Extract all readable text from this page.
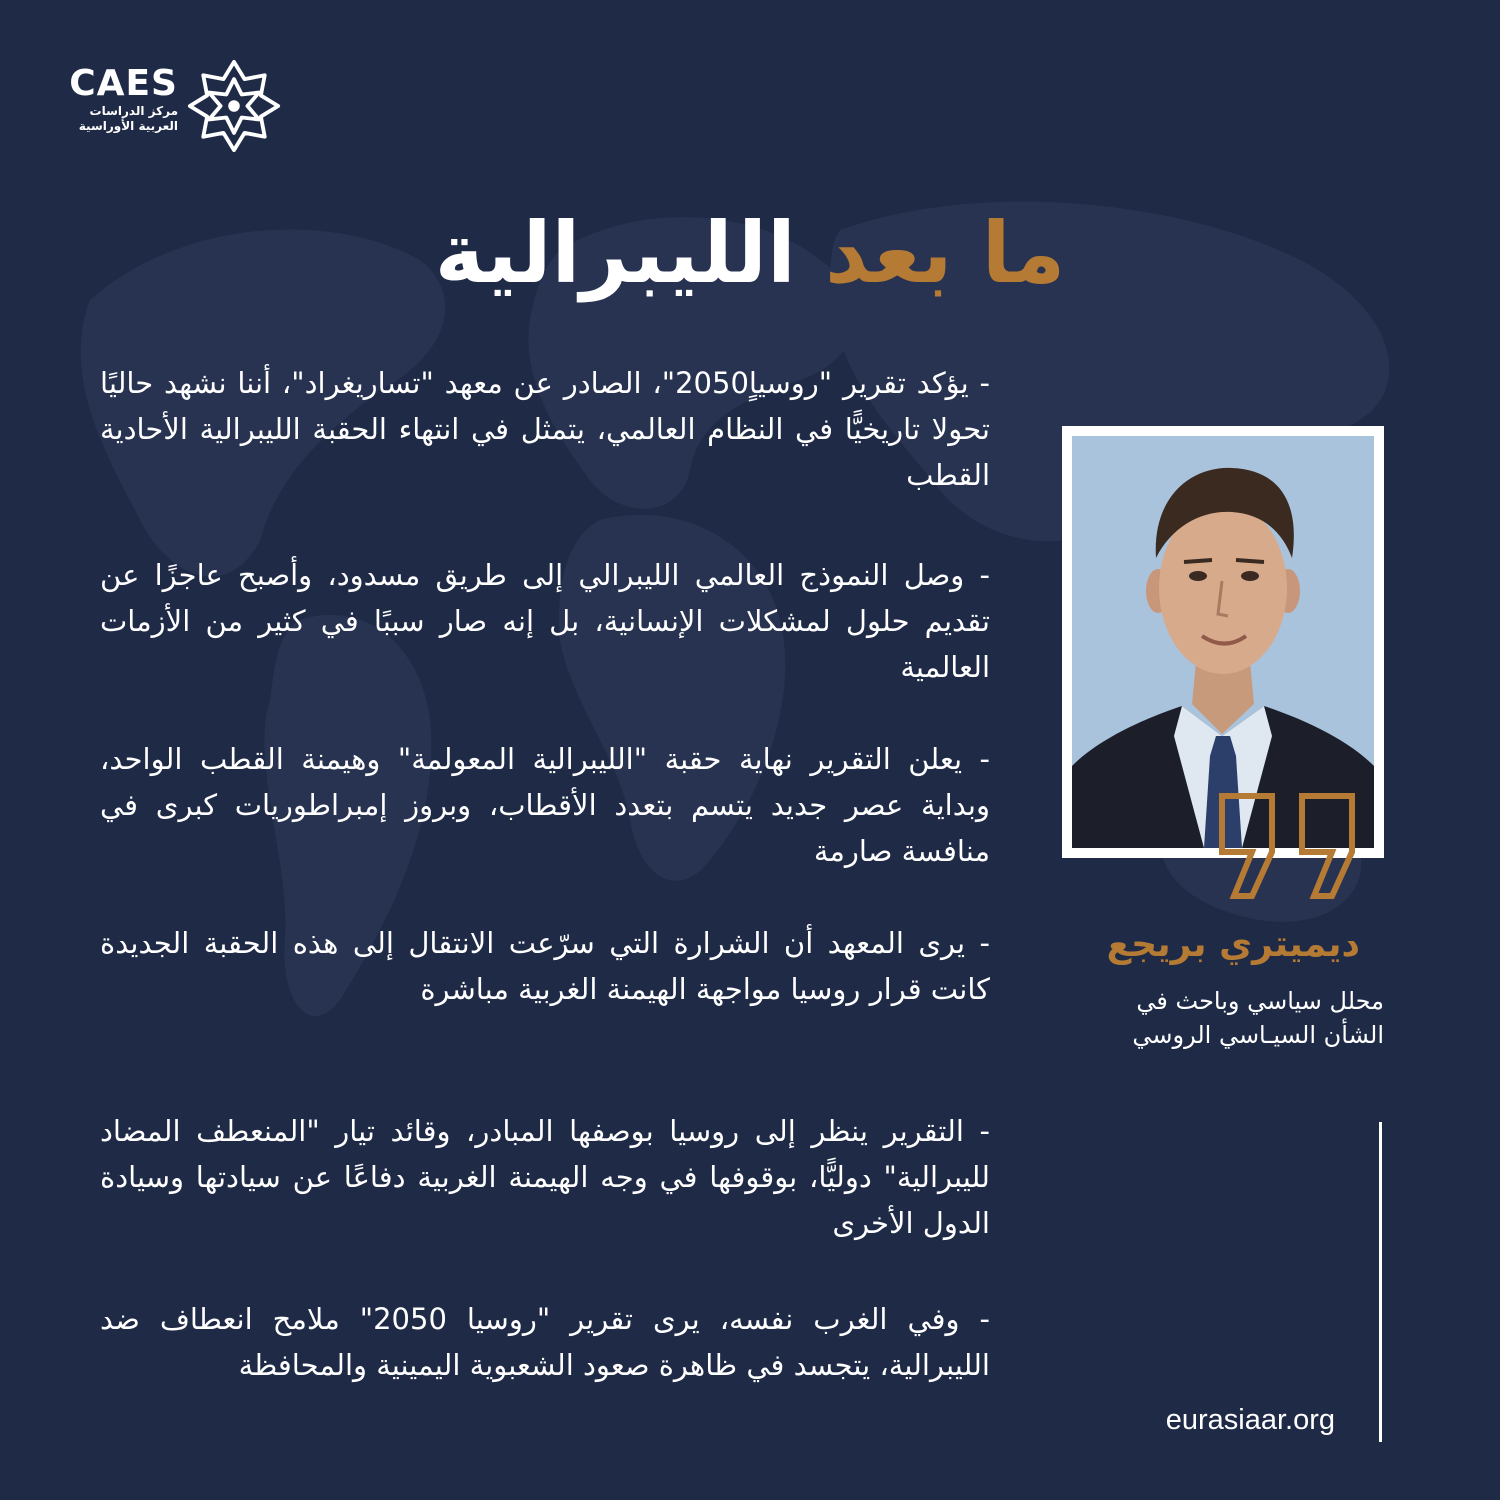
CAES
مركز الدراسات
العربية الأوراسية
ما بعد الليبرالية

- يؤكد تقرير "روسياٍ2050"، الصادر عن معهد "تساريغراد"، أننا نشهد حاليًا تحولا تاريخيًّا في النظام العالمي، يتمثل في انتهاء الحقبة الليبرالية الأحادية القطب

- وصل النموذج العالمي الليبرالي إلى طريق مسدود، وأصبح عاجزًا عن تقديم حلول لمشكلات الإنسانية، بل إنه صار سببًا في كثير من الأزمات العالمية

- يعلن التقرير نهاية حقبة "الليبرالية المعولمة" وهيمنة القطب الواحد، وبداية عصر جديد يتسم بتعدد الأقطاب، وبروز إمبراطوريات كبرى في منافسة صارمة

- يرى المعهد أن الشرارة التي سرّعت الانتقال إلى هذه الحقبة الجديدة كانت قرار روسيا مواجهة الهيمنة الغربية مباشرة

- التقرير ينظر إلى روسيا بوصفها المبادر، وقائد تيار "المنعطف المضاد لليبرالية" دوليًّا، بوقوفها في وجه الهيمنة الغربية دفاعًا عن سيادتها وسيادة الدول الأخرى

- وفي الغرب نفسه، يرى تقرير "روسيا 2050" ملامح انعطاف ضد الليبرالية، يتجسد في ظاهرة صعود الشعبوية اليمينية والمحافظة

ديميتري بريجع
محلل سياسي وباحث في
الشأن السيـاسي الروسي
eurasiaar.org
